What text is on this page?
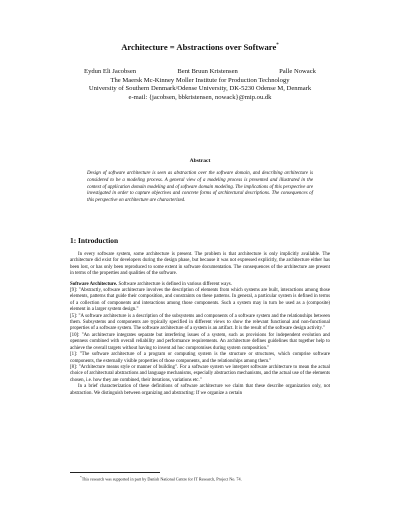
Architecture = Abstractions over Software*
Eydun Eli Jacobsen	Bent Bruun Kristensen	Palle Nowack
The Maersk Mc-Kinney Moller Institute for Production Technology
University of Southern Denmark/Odense University, DK-5230 Odense M, Denmark
e-mail: {jacobsen, bbkristensen, nowack}@mip.ou.dk
Abstract
Design of software architecture is seen as abstraction over the software domain, and describing architecture is considered to be a modeling process. A general view of a modeling process is presented and illustrated in the context of application domain modeling and of software domain modeling. The implications of this perspective are investigated in order to capture objectives and concrete forms of architectural descriptions. The consequences of this perspective on architecture are characterized.
1: Introduction

In every software system, some architecture is present. The problem is that architecture is only implicitly available. The architecture did exist for developers during the design phase, but because it was not expressed explicitly, the architecture either has been lost, or has only been reproduced to some extent in software documentation. The consequences of the architecture are present in terms of the properties and qualities of the software.

Software Architecture. Software architecture is defined in various different ways.

[9]: "Abstractly, software architecture involves the description of elements from which systems are built, interactions among those elements, patterns that guide their composition, and constraints on these patterns. In general, a particular system is defined in terms of a collection of components and interactions among those components. Such a system may in turn be used as a (composite) element in a larger system design."

[5]: "A software architecture is a description of the subsystems and components of a software system and the relationships between them. Subsystems and components are typically specified in different views to show the relevant functional and non-functional properties of a software system. The software architecture of a system is an artifact. It is the result of the software design activity."

[10]: "An architecture integrates separate but interfering issues of a system, such as provisions for independent evolution and openness combined with overall reliability and performance requirements. An architecture defines guidelines that together help to achieve the overall targets without having to invent ad hoc compromises during system composition."

[1]: "The software architecture of a program or computing system is the structure or structures, which comprise software components, the externally visible properties of those components, and the relationships among them."

[8]: "Architecture means style or manner of building". For a software system we interpret software architecture to mean the actual choice of architectural abstractions and language mechanisms, especially abstraction mechanisms, and the actual use of the elements chosen, i.e. how they are combined, their iterations, variations etc."

In a brief characterization of these definitions of software architecture we claim that these describe organization only, not abstraction. We distinguish between organizing and abstracting: If we organize a certain

*This research was supported in part by Danish National Centre for IT Research, Project No. 74.
